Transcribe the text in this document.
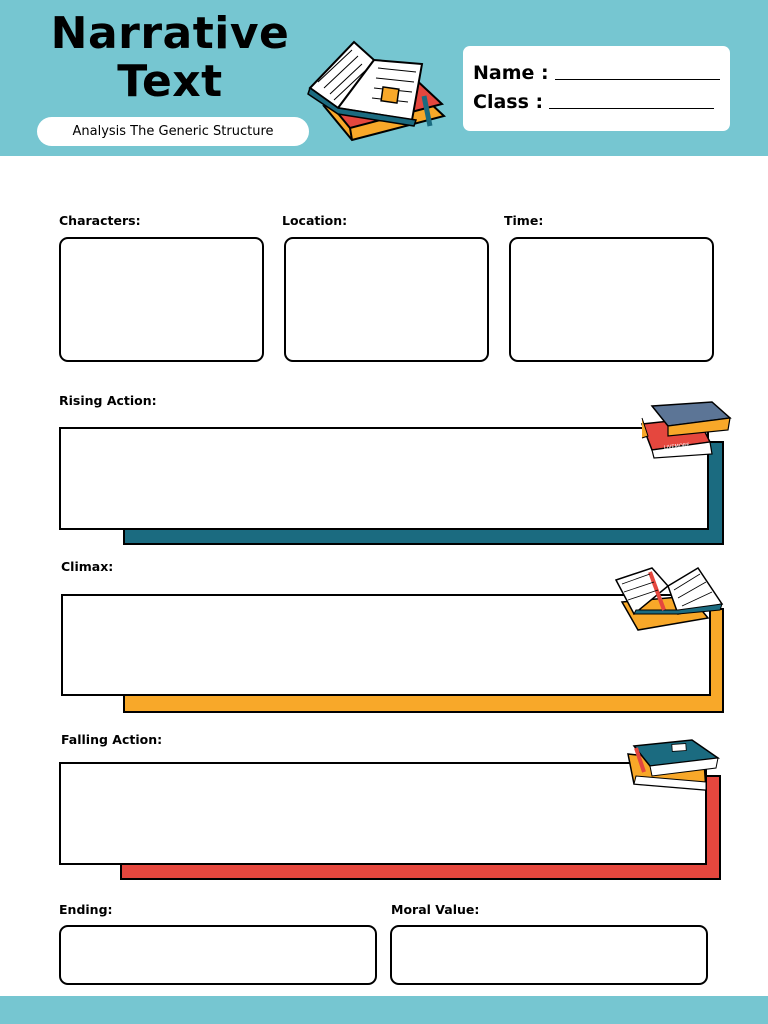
Narrative
Text
Analysis The Generic Structure
Name :
Class :
Characters:	Location:	Time:
Rising Action:
LIVEMORE
Climax:
Falling Action:
Ending:	Moral Value:
